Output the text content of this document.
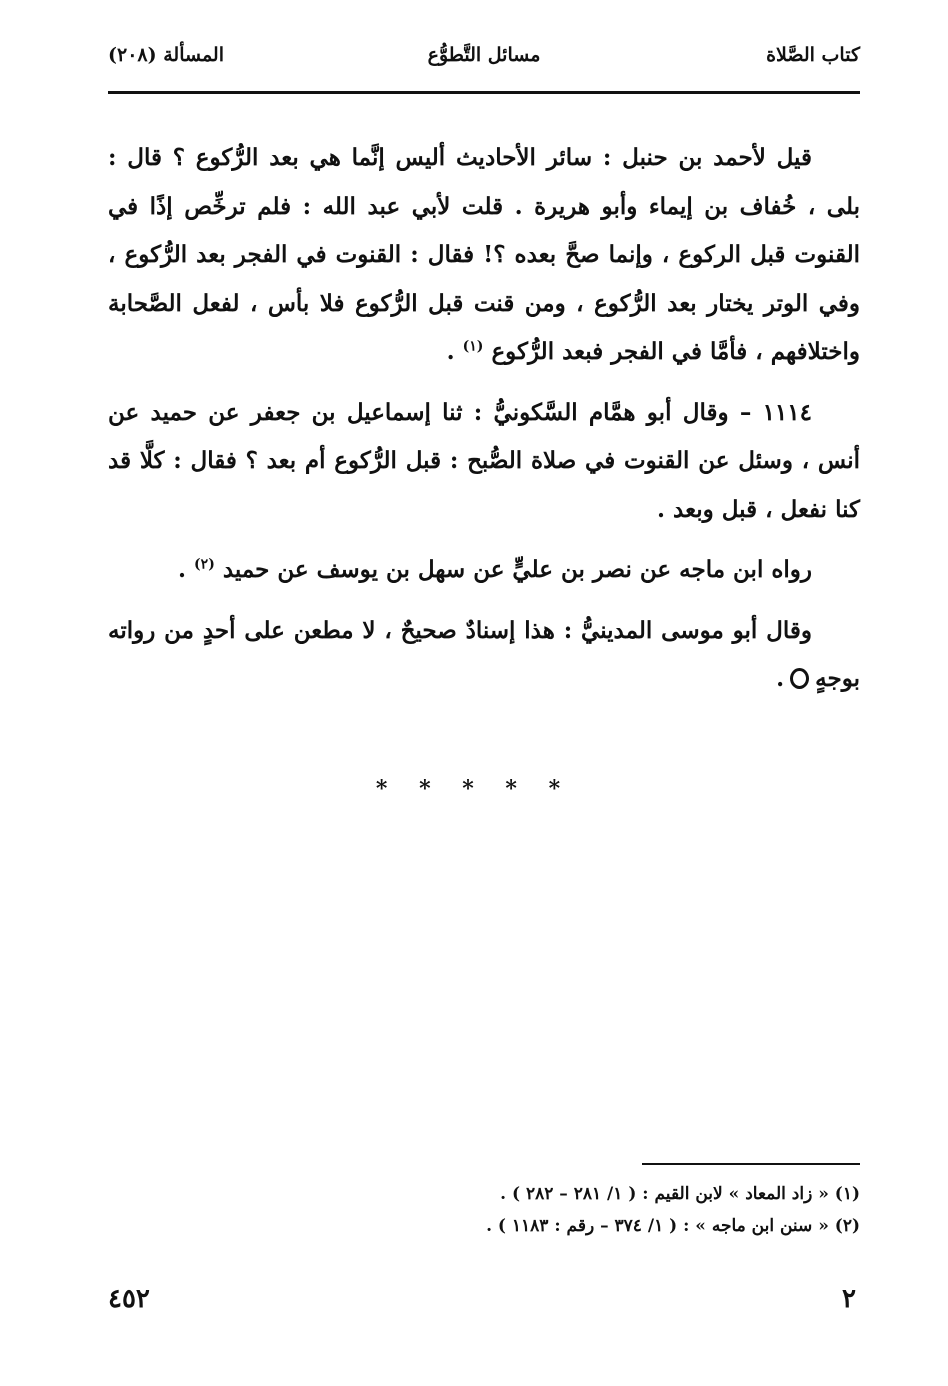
كتاب الصَّلاة
مسائل التَّطوُّع
المسألة (٢٠٨)

قيل لأحمد بن حنبل : سائر الأحاديث أليس إنَّما هي بعد الرُّكوع ؟ قال : بلى ، خُفاف بن إيماء وأبو هريرة . قلت لأبي عبد الله : فلم ترخِّص إذًا في القنوت قبل الركوع ، وإنما صحَّ بعده ؟! فقال : القنوت في الفجر بعد الرُّكوع ، وفي الوتر يختار بعد الرُّكوع ، ومن قنت قبل الرُّكوع فلا بأس ، لفعل الصَّحابة واختلافهم ، فأمَّا في الفجر فبعد الرُّكوع $^{(١)}$ .

١١١٤ – وقال أبو همَّام السَّكونيُّ : ثنا إسماعيل بن جعفر عن حميد عن أنس ، وسئل عن القنوت في صلاة الصُّبح : قبل الرُّكوع أم بعد ؟ فقال : كلَّا قد كنا نفعل ، قبل وبعد .

رواه ابن ماجه عن نصر بن عليٍّ عن سهل بن يوسف عن حميد $^{(٢)}$ .

وقال أبو موسى المدينيُّ : هذا إسنادٌ صحيحٌ ، لا مطعن على أحدٍ من رواته بوجهٍ.

* * * * *

(١) « زاد المعاد » لابن القيم : ( ١/ ٢٨١ – ٢٨٢ ) .

(٢) « سنن ابن ماجه » : ( ١/ ٣٧٤ – رقم : ١١٨٣ ) .

٢
٤٥٢
